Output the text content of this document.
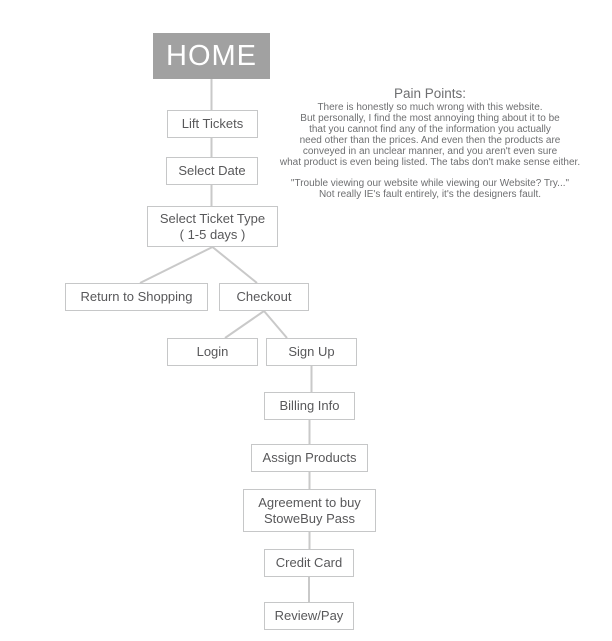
HOME
Lift Tickets
Select Date
Select Ticket Type
( 1-5 days )
Return to Shopping	Checkout
Login	Sign Up
Billing Info
Assign Products
Agreement to buy
StoweBuy Pass
Credit Card
Review/Pay
Pain Points:
There is honestly so much wrong with this website.
But personally, I find the most annoying thing about it to be
that you cannot find any of the information you actually
need other than the prices. And even then the products are
conveyed in an unclear manner, and you aren't even sure
what product is even being listed. The tabs don't make sense either.
"Trouble viewing our website while viewing our Website? Try..."
Not really IE's fault entirely, it's the designers fault.
